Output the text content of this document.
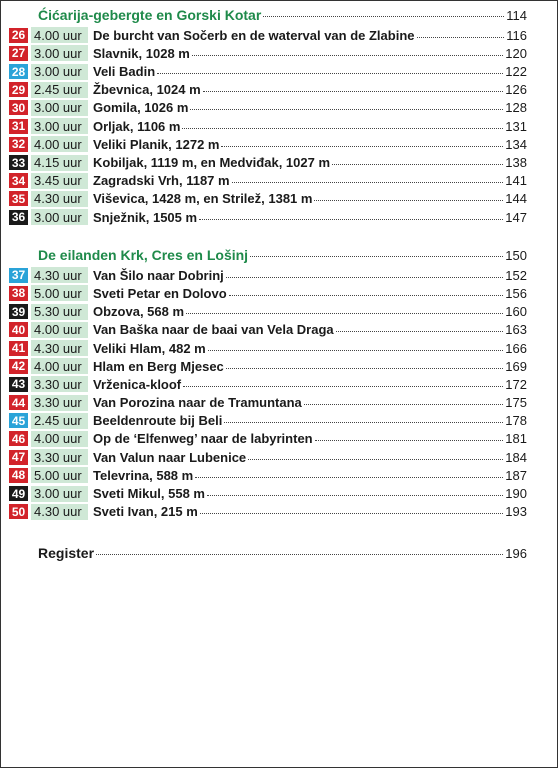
Ćićarija-gebergte en Gorski Kotar	114
26 4.00 uur De burcht van Sočerb en de waterval van de Zlabine	116
27 3.00 uur Slavnik, 1028 m	120
28 3.00 uur Veli Badin	122
29 2.45 uur Žbevnica, 1024 m	126
30 3.00 uur Gomila, 1026 m	128
31 3.00 uur Orljak, 1106 m	131
32 4.00 uur Veliki Planik, 1272 m	134
33 4.15 uur Kobiljak, 1119 m, en Medviđak, 1027 m	138
34 3.45 uur Zagradski Vrh, 1187 m	141
35 4.30 uur Viševica, 1428 m, en Strilež, 1381 m	144
36 3.00 uur Snježnik, 1505 m	147
De eilanden Krk, Cres en Lošinj	150
37 4.30 uur Van Šilo naar Dobrinj	152
38 5.00 uur Sveti Petar en Dolovo	156
39 5.30 uur Obzova, 568 m	160
40 4.00 uur Van Baška naar de baai van Vela Draga	163
41 4.30 uur Veliki Hlam, 482 m	166
42 4.00 uur Hlam en Berg Mjesec	169
43 3.30 uur Vrženica-kloof	172
44 3.30 uur Van Porozina naar de Tramuntana	175
45 2.45 uur Beeldenroute bij Beli	178
46 4.00 uur Op de ‘Elfenweg’ naar de labyrinten	181
47 3.30 uur Van Valun naar Lubenice	184
48 5.00 uur Televrina, 588 m	187
49 3.00 uur Sveti Mikul, 558 m	190
50 4.30 uur Sveti Ivan, 215 m	193
Register	196
